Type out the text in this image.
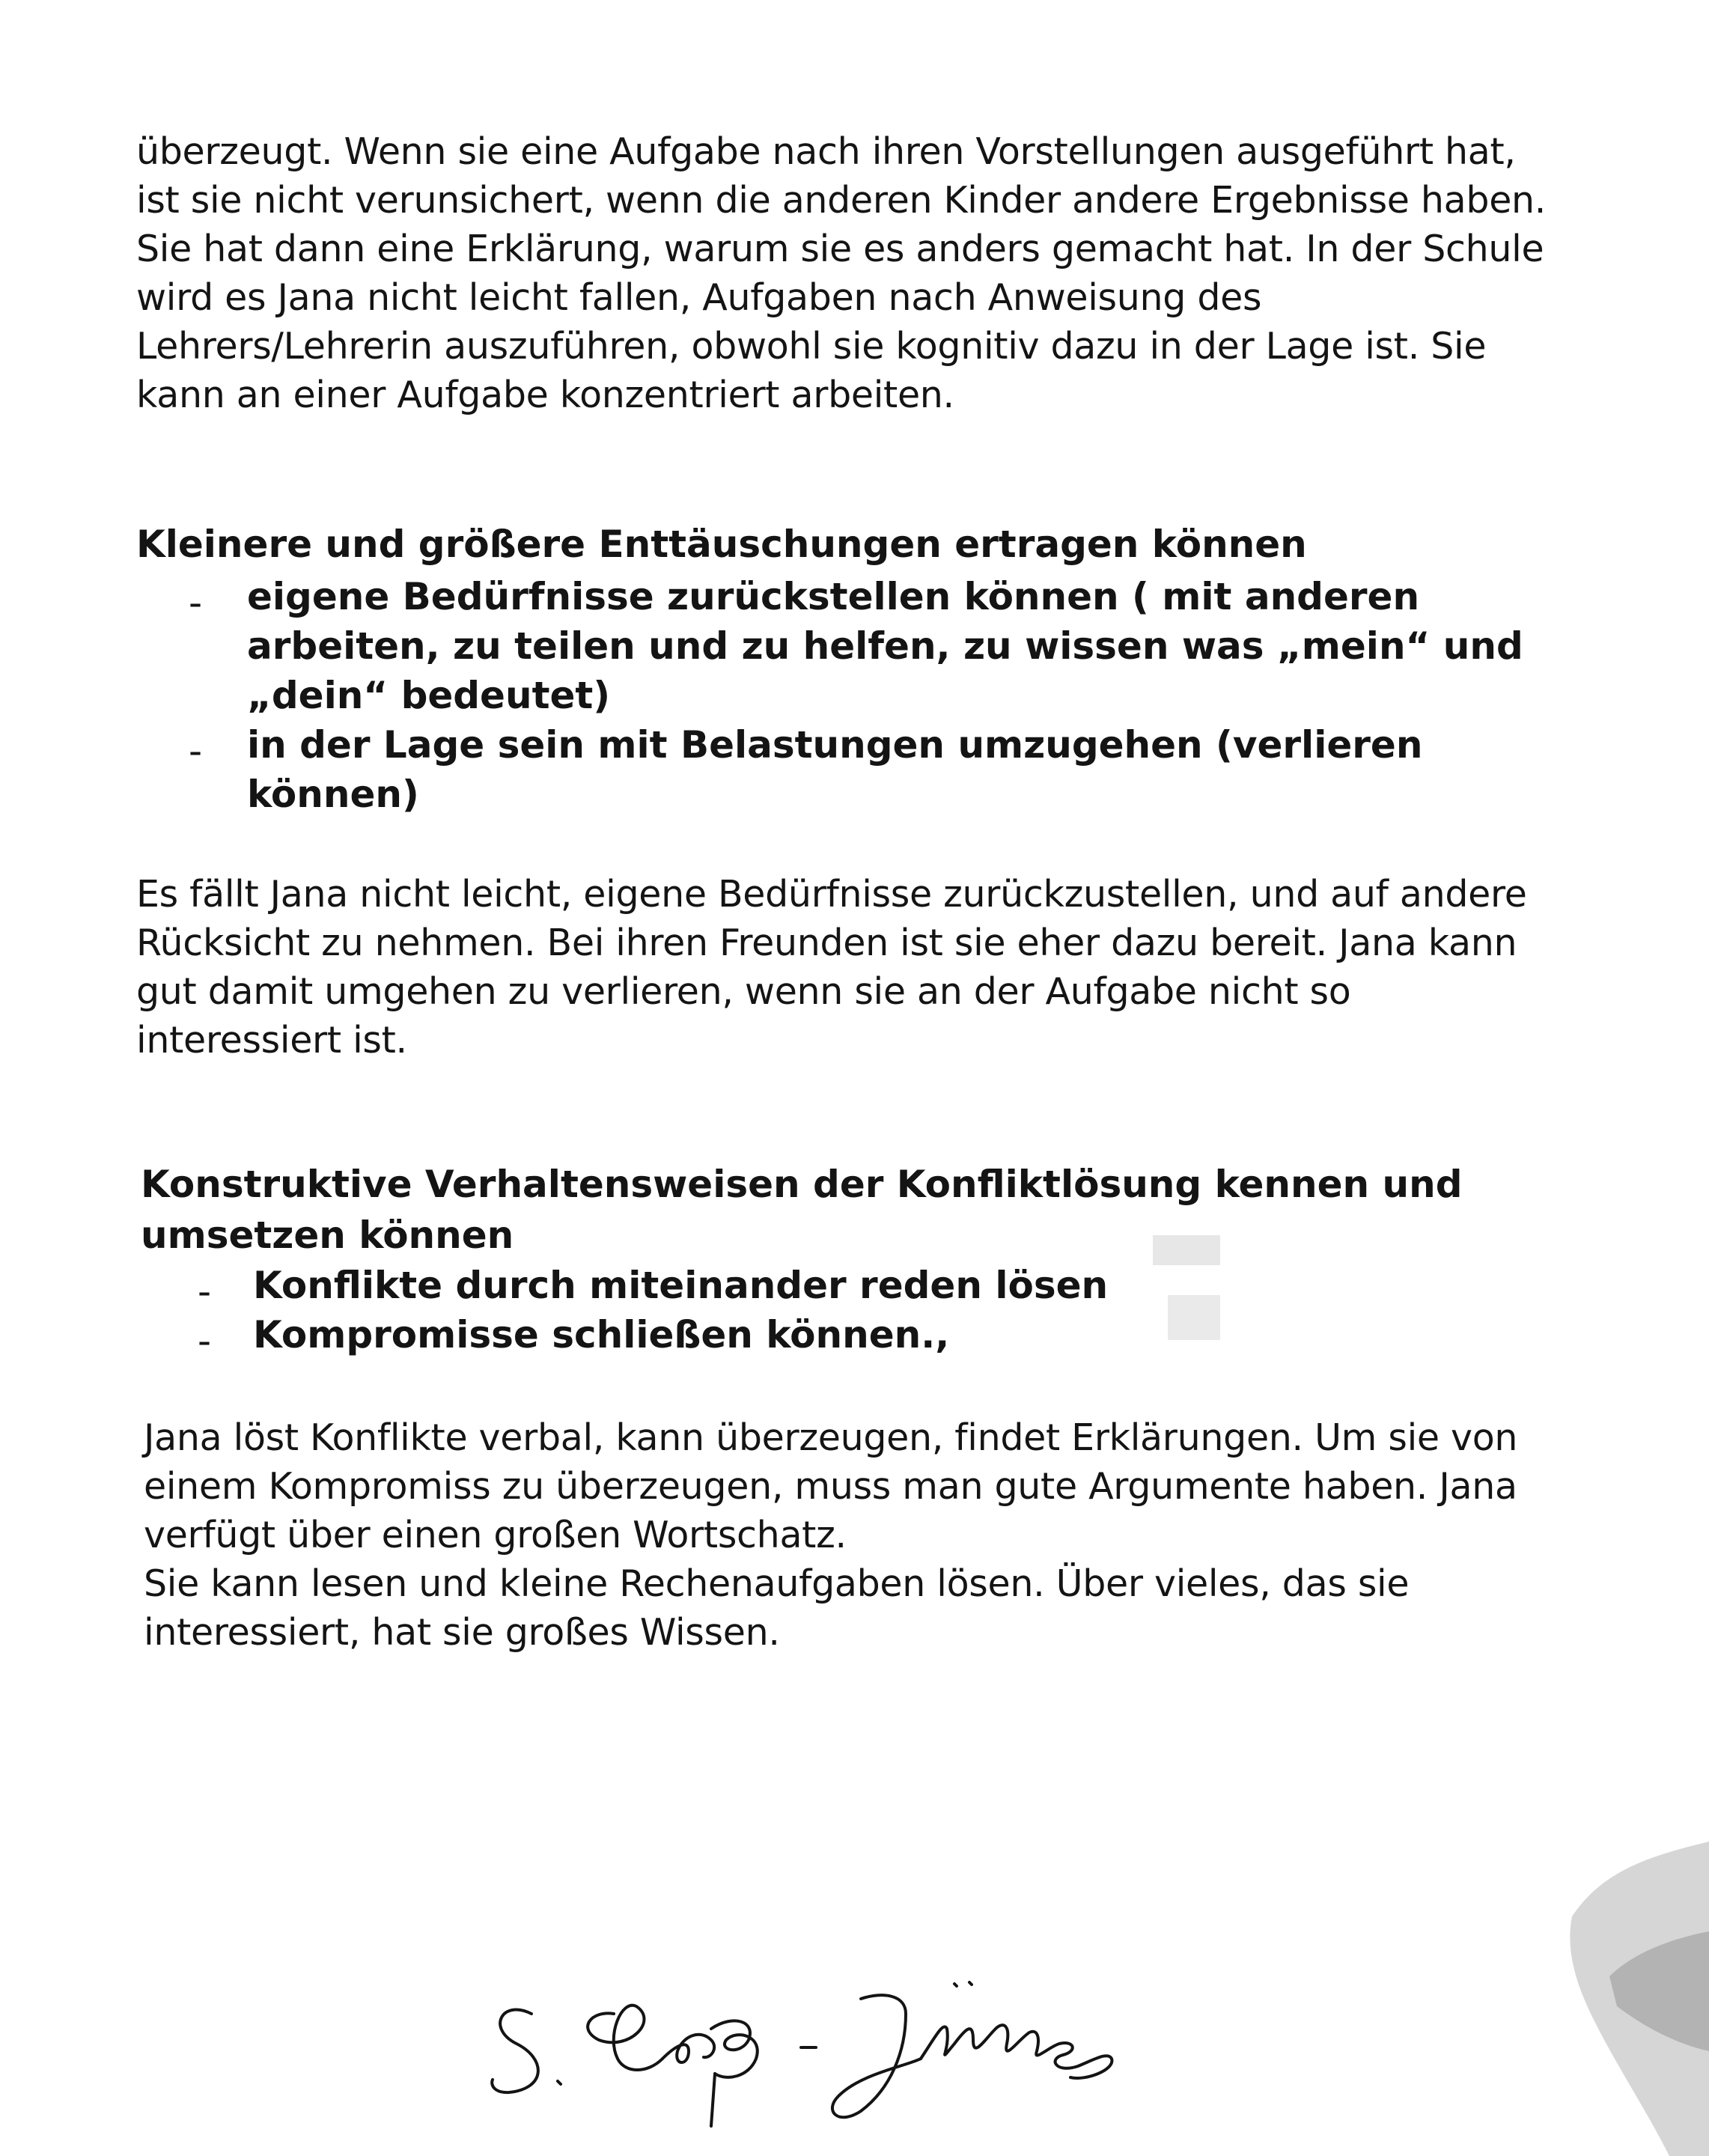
überzeugt. Wenn sie eine Aufgabe nach ihren Vorstellungen ausgeführt hat,
ist sie nicht verunsichert, wenn die anderen Kinder andere Ergebnisse haben.
Sie hat dann eine Erklärung, warum sie es anders gemacht hat. In der Schule
wird es Jana nicht leicht fallen, Aufgaben nach Anweisung des
Lehrers/Lehrerin auszuführen, obwohl sie kognitiv dazu in der Lage ist. Sie
kann an einer Aufgabe konzentriert arbeiten.
Kleinere und größere Enttäuschungen ertragen können
- eigene Bedürfnisse zurückstellen können ( mit anderen
arbeiten, zu teilen und zu helfen, zu wissen was „mein“ und
„dein“ bedeutet)
- in der Lage sein mit Belastungen umzugehen (verlieren
können)
Es fällt Jana nicht leicht, eigene Bedürfnisse zurückzustellen, und auf andere
Rücksicht zu nehmen. Bei ihren Freunden ist sie eher dazu bereit. Jana kann
gut damit umgehen zu verlieren, wenn sie an der Aufgabe nicht so
interessiert ist.
Konstruktive Verhaltensweisen der Konfliktlösung kennen und
umsetzen können
- Konflikte durch miteinander reden lösen
- Kompromisse schließen können.,
Jana löst Konflikte verbal, kann überzeugen, findet Erklärungen. Um sie von
einem Kompromiss zu überzeugen, muss man gute Argumente haben. Jana
verfügt über einen großen Wortschatz.
Sie kann lesen und kleine Rechenaufgaben lösen. Über vieles, das sie
interessiert, hat sie großes Wissen.
